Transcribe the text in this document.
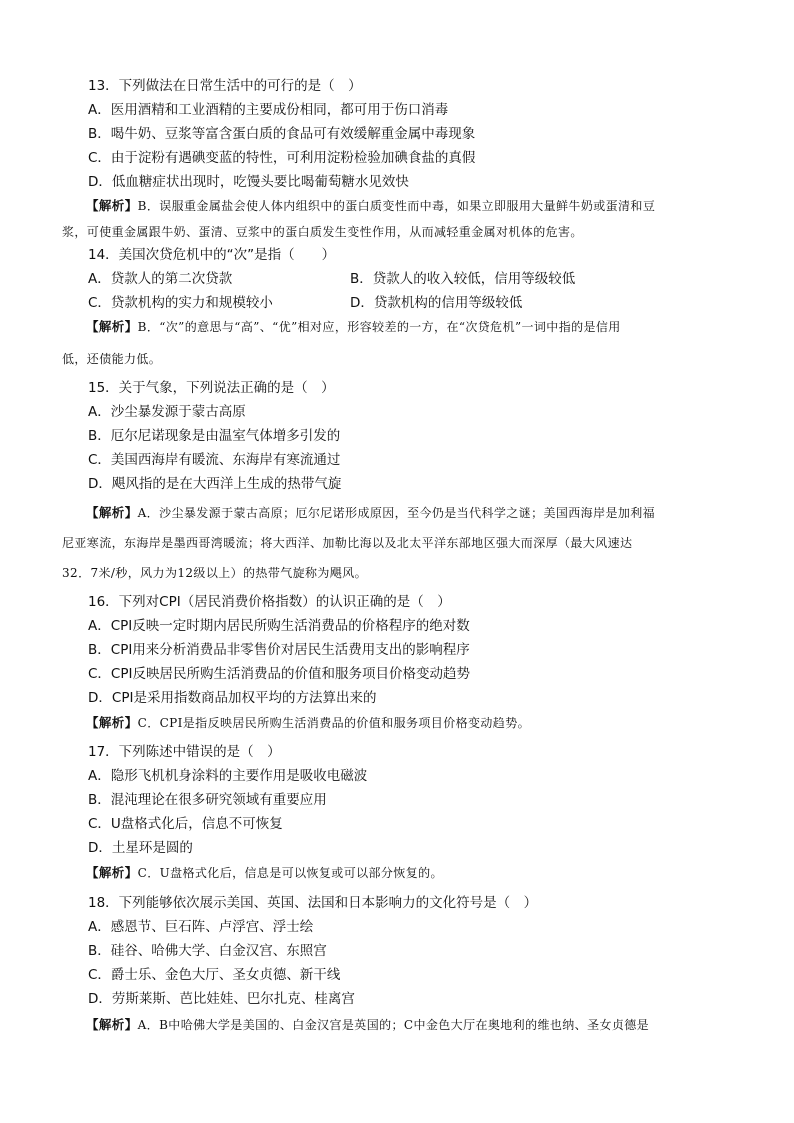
13．下列做法在日常生活中的可行的是（　）
A．医用酒精和工业酒精的主要成份相同，都可用于伤口消毒
B．喝牛奶、豆浆等富含蛋白质的食品可有效缓解重金属中毒现象
C．由于淀粉有遇碘变蓝的特性，可利用淀粉检验加碘食盐的真假
D．低血糖症状出现时，吃馒头要比喝葡萄糖水见效快
【解析】B．误服重金属盐会使人体内组织中的蛋白质变性而中毒，如果立即服用大量鲜牛奶或蛋清和豆
浆，可使重金属跟牛奶、蛋清、豆浆中的蛋白质发生变性作用，从而减轻重金属对机体的危害。
14．美国次贷危机中的“次”是指（　　）
A．贷款人的第二次贷款	B．贷款人的收入较低，信用等级较低
C．贷款机构的实力和规模较小	D．贷款机构的信用等级较低
【解析】B．“次”的意思与“高”、“优”相对应，形容较差的一方，在“次贷危机”一词中指的是信用
低，还债能力低。
15．关于气象，下列说法正确的是（　）
A．沙尘暴发源于蒙古高原
B．厄尔尼诺现象是由温室气体增多引发的
C．美国西海岸有暖流、东海岸有寒流通过
D．飓风指的是在大西洋上生成的热带气旋
【解析】A．沙尘暴发源于蒙古高原；厄尔尼诺形成原因，至今仍是当代科学之谜；美国西海岸是加利福
尼亚寒流，东海岸是墨西哥湾暖流；将大西洋、加勒比海以及北太平洋东部地区强大而深厚（最大风速达
32．7米/秒，风力为12级以上）的热带气旋称为飓风。
16．下列对CPI（居民消费价格指数）的认识正确的是（　）
A．CPI反映一定时期内居民所购生活消费品的价格程序的绝对数
B．CPI用来分析消费品非零售价对居民生活费用支出的影响程序
C．CPI反映居民所购生活消费品的价值和服务项目价格变动趋势
D．CPI是采用指数商品加权平均的方法算出来的
【解析】C．CPI是指反映居民所购生活消费品的价值和服务项目价格变动趋势。
17．下列陈述中错误的是（　）
A．隐形飞机机身涂料的主要作用是吸收电磁波
B．混沌理论在很多研究领域有重要应用
C．U盘格式化后，信息不可恢复
D．土星环是圆的
【解析】C．U盘格式化后，信息是可以恢复或可以部分恢复的。
18．下列能够依次展示美国、英国、法国和日本影响力的文化符号是（　）
A．感恩节、巨石阵、卢浮宫、浮士绘
B．硅谷、哈佛大学、白金汉宫、东照宫
C．爵士乐、金色大厅、圣女贞德、新干线
D．劳斯莱斯、芭比娃娃、巴尔扎克、桂离宫
【解析】A．B中哈佛大学是美国的、白金汉宫是英国的；C中金色大厅在奥地利的维也纳、圣女贞德是
